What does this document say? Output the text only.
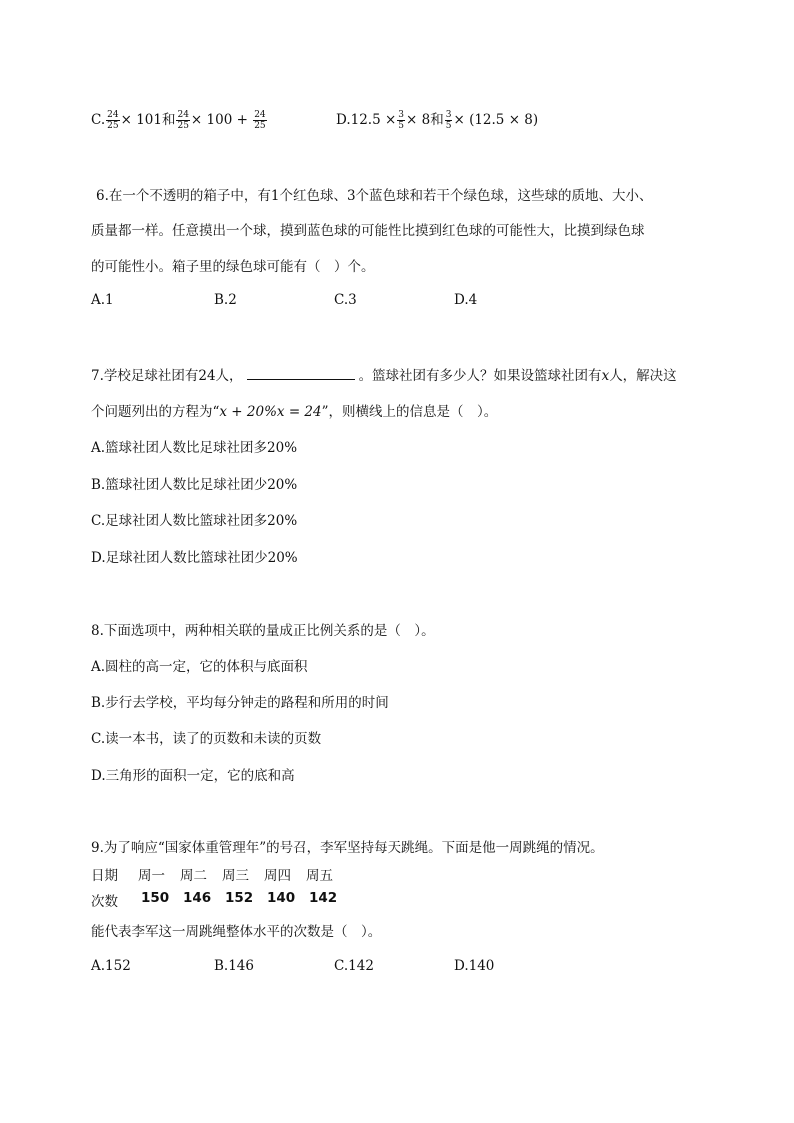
C. $\frac{24}{25} \times 101$和 $\frac{24}{25} \times 100 + \frac{24}{25}$	$D.12.5 \times \frac{3}{5} \times 8$和 $\frac{3}{5} \times (12.5 \times 8)$
6.在一个不透明的箱子中，有1个红色球、3个蓝色球和若干个绿色球，这些球的质地、大小、
质量都一样。任意摸出一个球，摸到蓝色球的可能性比摸到红色球的可能性大，比摸到绿色球
的可能性小。箱子里的绿色球可能有（　）个。
A.1	B.2	C.3	D.4
7.学校足球社团有24人，	。篮球社团有多少人？如果设篮球社团有x人，解决这
个问题列出的方程为“x + 20%x = 24”，则横线上的信息是（　）。
A.篮球社团人数比足球社团多20%
B.篮球社团人数比足球社团少20%
C.足球社团人数比篮球社团多20%
D.足球社团人数比篮球社团少20%
8.下面选项中，两种相关联的量成正比例关系的是（　）。
A.圆柱的高一定，它的体积与底面积
B.步行去学校，平均每分钟走的路程和所用的时间
C.读一本书，读了的页数和未读的页数
D.三角形的面积一定，它的底和高
9.为了响应“国家体重管理年”的号召，李军坚持每天跳绳。下面是他一周跳绳的情况。
日期 周一 周二 周三 周四 周五
次数 150 146 152 140 142
能代表李军这一周跳绳整体水平的次数是（　）。
A.152	B.146	C.142	D.140
